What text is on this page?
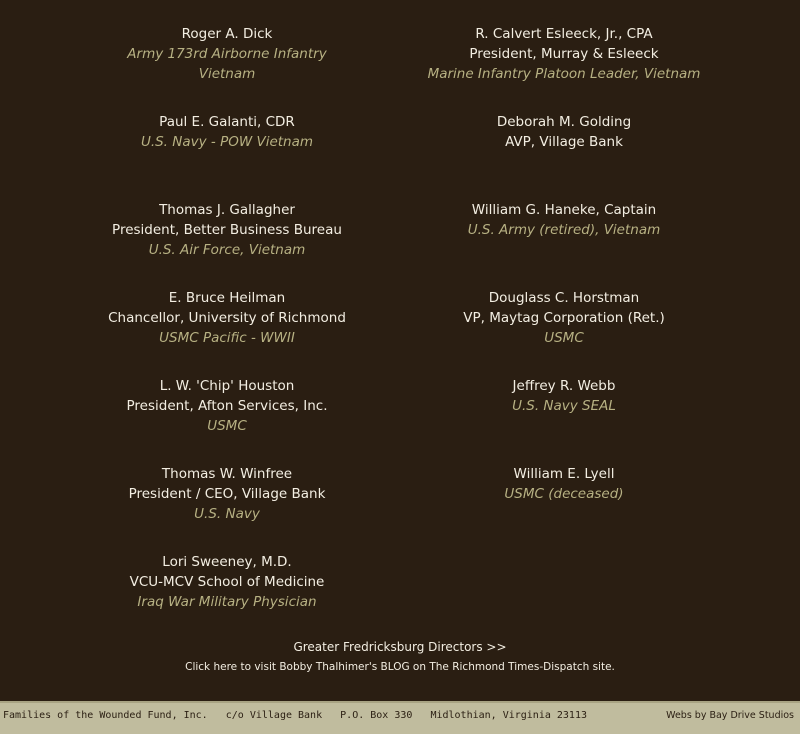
Roger A. Dick
Army 173rd Airborne Infantry
Vietnam
Paul E. Galanti, CDR
U.S. Navy - POW Vietnam
Thomas J. Gallagher
President, Better Business Bureau
U.S. Air Force, Vietnam
E. Bruce Heilman
Chancellor, University of Richmond
USMC Pacific - WWII
L. W. 'Chip' Houston
President, Afton Services, Inc.
USMC
Thomas W. Winfree
President / CEO, Village Bank
U.S. Navy
Lori Sweeney, M.D.
VCU-MCV School of Medicine
Iraq War Military Physician
R. Calvert Esleeck, Jr., CPA
President, Murray & Esleeck
Marine Infantry Platoon Leader, Vietnam
Deborah M. Golding
AVP, Village Bank
William G. Haneke, Captain
U.S. Army (retired), Vietnam
Douglass C. Horstman
VP, Maytag Corporation (Ret.)
USMC
Jeffrey R. Webb
U.S. Navy SEAL
William E. Lyell
USMC (deceased)
Greater Fredricksburg Directors >>
Click here to visit Bobby Thalhimer's BLOG on The Richmond Times-Dispatch site.
Families of the Wounded Fund, Inc.   c/o Village Bank   P.O. Box 330   Midlothian, Virginia 23113	Webs by Bay Drive Studios
